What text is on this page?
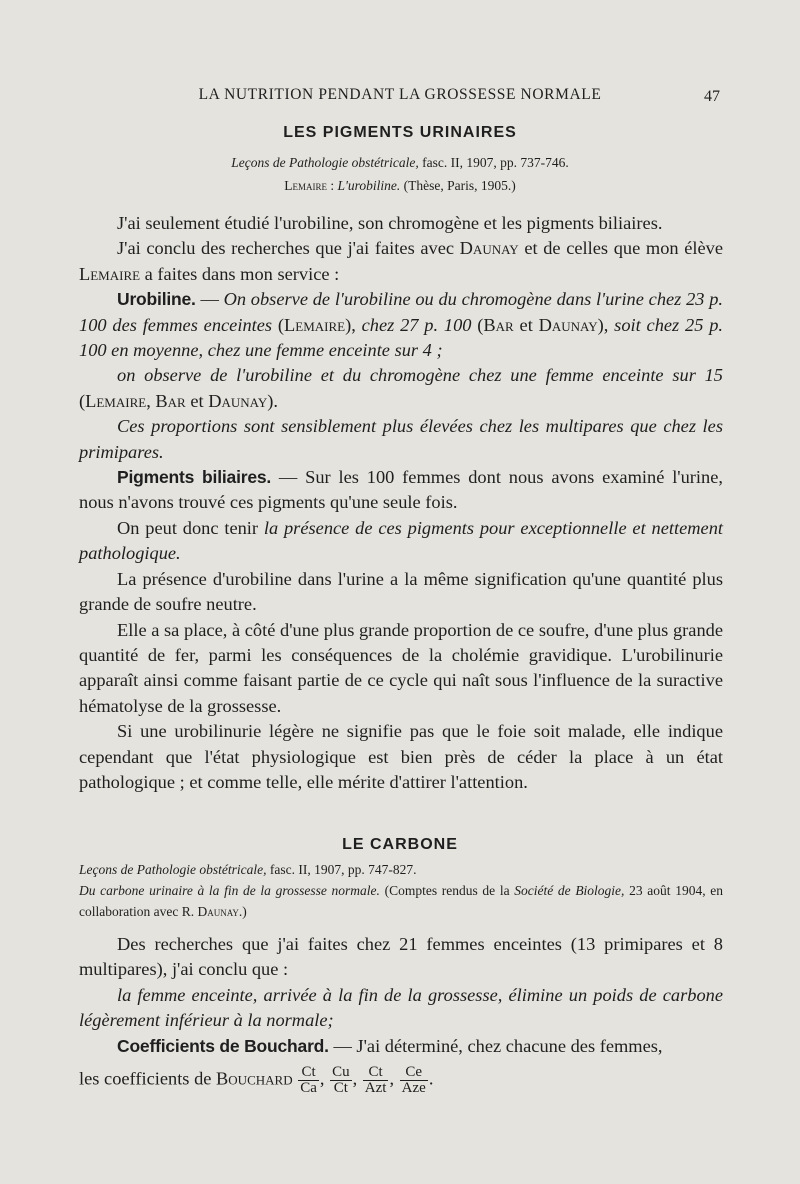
LA NUTRITION PENDANT LA GROSSESSE NORMALE	47
LES PIGMENTS URINAIRES
Leçons de Pathologie obstétricale, fasc. II, 1907, pp. 737-746.
Lemaire : L'urobiline. (Thèse, Paris, 1905.)

J'ai seulement étudié l'urobiline, son chromogène et les pigments biliaires.

J'ai conclu des recherches que j'ai faites avec Daunay et de celles que mon élève Lemaire a faites dans mon service :

Urobiline. — On observe de l'urobiline ou du chromogène dans l'urine chez 23 p. 100 des femmes enceintes (Lemaire), chez 27 p. 100 (Bar et Daunay), soit chez 25 p. 100 en moyenne, chez une femme enceinte sur 4 ;

on observe de l'urobiline et du chromogène chez une femme enceinte sur 15 (Lemaire, Bar et Daunay).

Ces proportions sont sensiblement plus élevées chez les multipares que chez les primipares.

Pigments biliaires. — Sur les 100 femmes dont nous avons examiné l'urine, nous n'avons trouvé ces pigments qu'une seule fois.

On peut donc tenir la présence de ces pigments pour exceptionnelle et nettement pathologique.

La présence d'urobiline dans l'urine a la même signification qu'une quantité plus grande de soufre neutre.

Elle a sa place, à côté d'une plus grande proportion de ce soufre, d'une plus grande quantité de fer, parmi les conséquences de la cholémie gravidique. L'urobilinurie apparaît ainsi comme faisant partie de ce cycle qui naît sous l'influence de la suractive hématolyse de la grossesse.

Si une urobilinurie légère ne signifie pas que le foie soit malade, elle indique cependant que l'état physiologique est bien près de céder la place à un état pathologique ; et comme telle, elle mérite d'attirer l'attention.

LE CARBONE
Leçons de Pathologie obstétricale, fasc. II, 1907, pp. 747-827.
Du carbone urinaire à la fin de la grossesse normale. (Comptes rendus de la Société de Biologie, 23 août 1904, en collaboration avec R. Daunay.)

Des recherches que j'ai faites chez 21 femmes enceintes (13 primipares et 8 multipares), j'ai conclu que :

la femme enceinte, arrivée à la fin de la grossesse, élimine un poids de carbone légèrement inférieur à la normale;

Coefficients de Bouchard. — J'ai déterminé, chez chacune des femmes,

les coefficients de Bouchard $\frac{Ct}{Ca}$ , $\frac{Cu}{Ct}$ , $\frac{Ct}{\text{Azt}}$ , $\frac{Ce}{\text{Aze}}$ .
